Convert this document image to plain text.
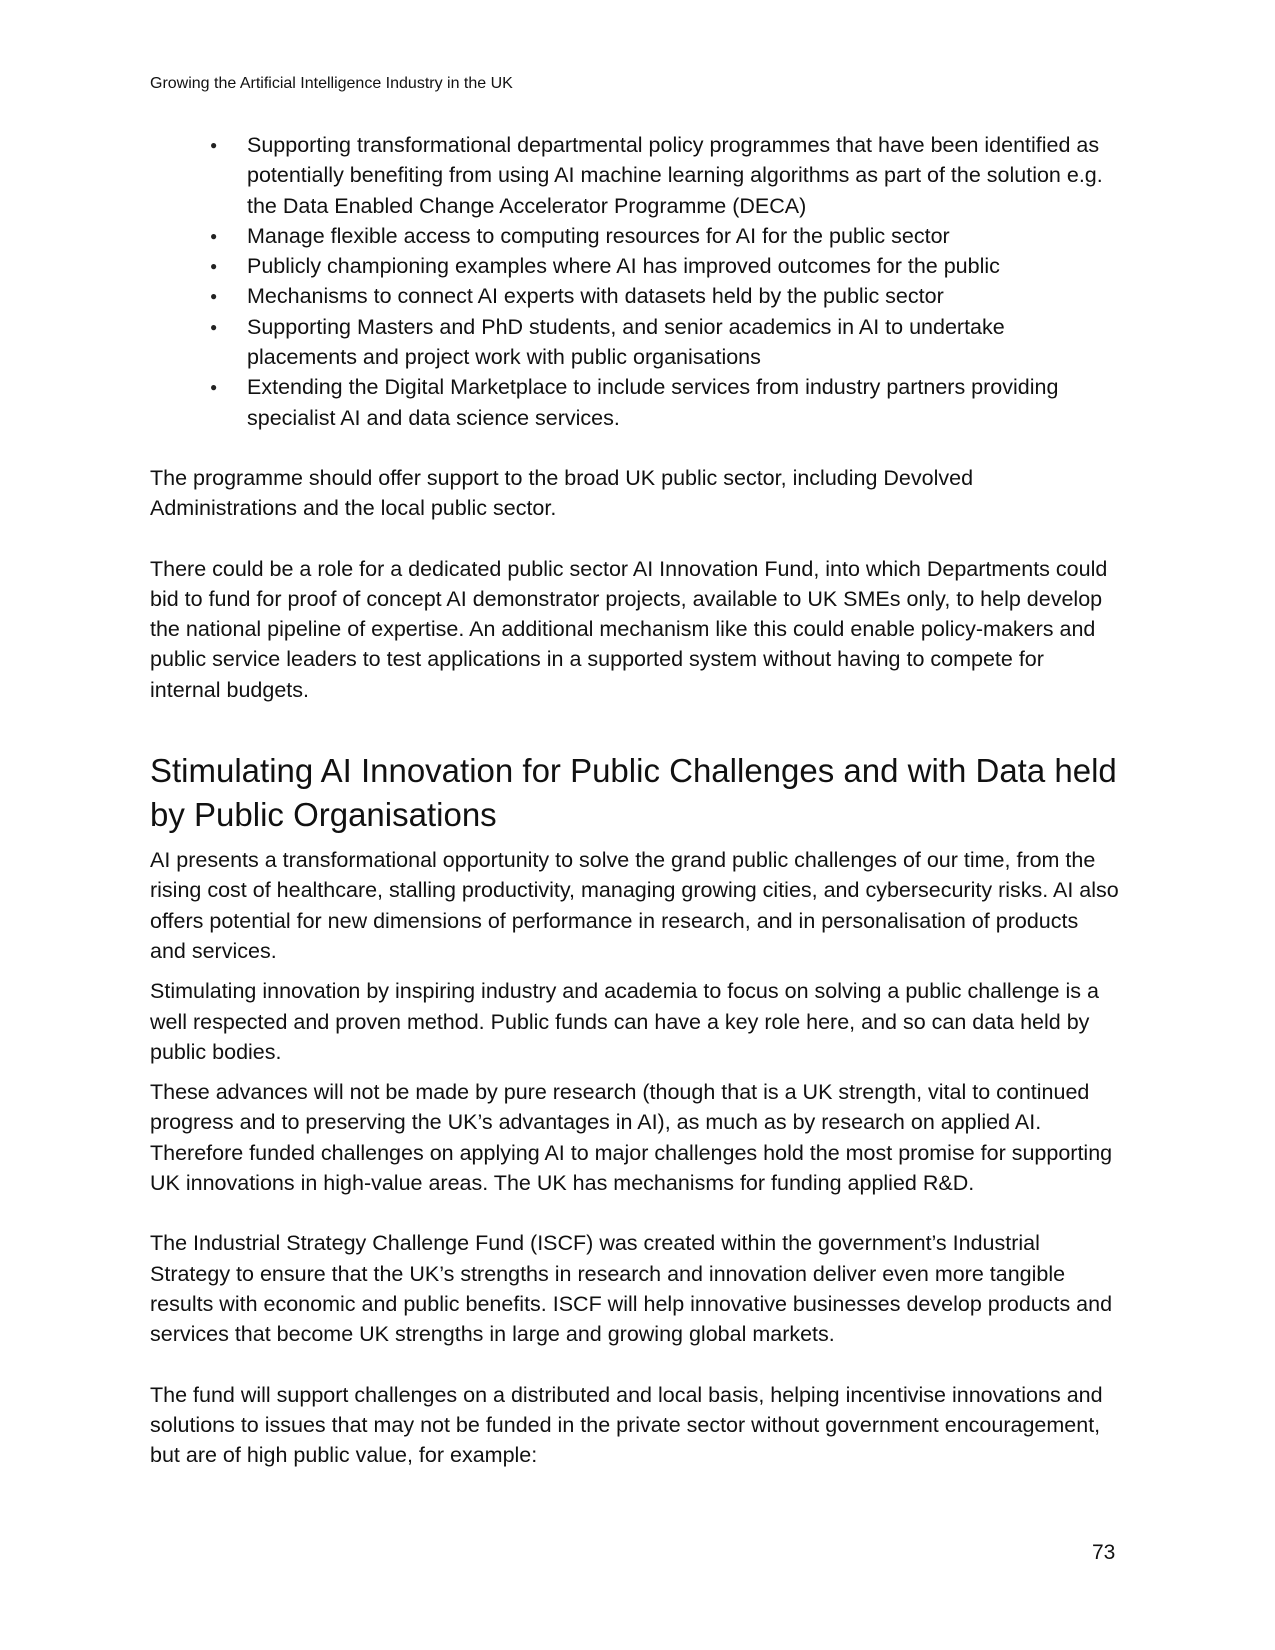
Growing the Artificial Intelligence Industry in the UK
● Supporting transformational departmental policy programmes that have been identified as potentially benefiting from using AI machine learning algorithms as part of the solution e.g. the Data Enabled Change Accelerator Programme (DECA)
● Manage flexible access to computing resources for AI for the public sector
● Publicly championing examples where AI has improved outcomes for the public
● Mechanisms to connect AI experts with datasets held by the public sector
● Supporting Masters and PhD students, and senior academics in AI to undertake placements and project work with public organisations
● Extending the Digital Marketplace to include services from industry partners providing specialist AI and data science services.

The programme should offer support to the broad UK public sector, including Devolved Administrations and the local public sector.

There could be a role for a dedicated public sector AI Innovation Fund, into which Departments could bid to fund for proof of concept AI demonstrator projects, available to UK SMEs only, to help develop the national pipeline of expertise. An additional mechanism like this could enable policy-makers and public service leaders to test applications in a supported system without having to compete for internal budgets.

Stimulating AI Innovation for Public Challenges and with Data held by Public Organisations

AI presents a transformational opportunity to solve the grand public challenges of our time, from the rising cost of healthcare, stalling productivity, managing growing cities, and cybersecurity risks. AI also offers potential for new dimensions of performance in research, and in personalisation of products and services.

Stimulating innovation by inspiring industry and academia to focus on solving a public challenge is a well respected and proven method. Public funds can have a key role here, and so can data held by public bodies.

These advances will not be made by pure research (though that is a UK strength, vital to continued progress and to preserving the UK’s advantages in AI), as much as by research on applied AI. Therefore funded challenges on applying AI to major challenges hold the most promise for supporting UK innovations in high-value areas. The UK has mechanisms for funding applied R&D.

The Industrial Strategy Challenge Fund (ISCF) was created within the government’s Industrial Strategy to ensure that the UK’s strengths in research and innovation deliver even more tangible results with economic and public benefits. ISCF will help innovative businesses develop products and services that become UK strengths in large and growing global markets.

The fund will support challenges on a distributed and local basis, helping incentivise innovations and solutions to issues that may not be funded in the private sector without government encouragement, but are of high public value, for example:

73
